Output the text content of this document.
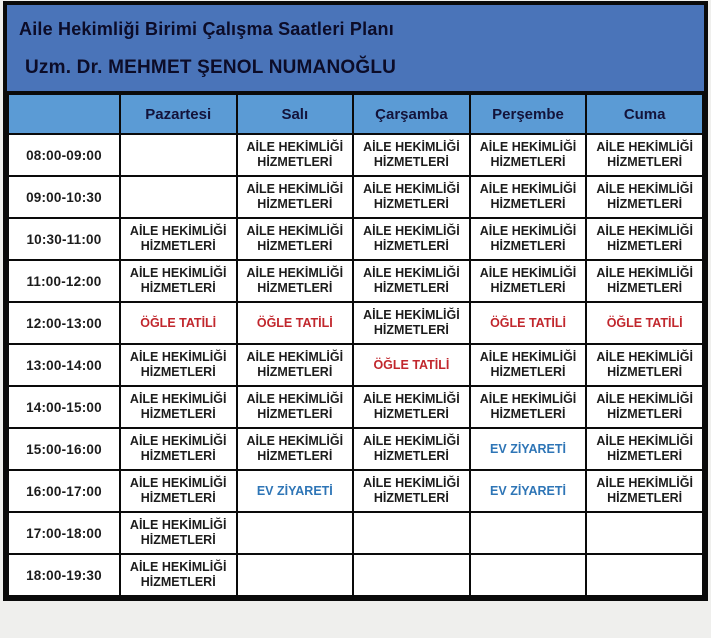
Aile Hekimliği Birimi Çalışma Saatleri Planı
Uzm. Dr. MEHMET ŞENOL NUMANOĞLU
	Pazartesi	Salı	Çarşamba	Perşembe	Cuma
08:00-09:00		AİLE HEKİMLİĞİ HİZMETLERİ	AİLE HEKİMLİĞİ HİZMETLERİ	AİLE HEKİMLİĞİ HİZMETLERİ	AİLE HEKİMLİĞİ HİZMETLERİ
09:00-10:30		AİLE HEKİMLİĞİ HİZMETLERİ	AİLE HEKİMLİĞİ HİZMETLERİ	AİLE HEKİMLİĞİ HİZMETLERİ	AİLE HEKİMLİĞİ HİZMETLERİ
10:30-11:00	AİLE HEKİMLİĞİ HİZMETLERİ	AİLE HEKİMLİĞİ HİZMETLERİ	AİLE HEKİMLİĞİ HİZMETLERİ	AİLE HEKİMLİĞİ HİZMETLERİ	AİLE HEKİMLİĞİ HİZMETLERİ
11:00-12:00	AİLE HEKİMLİĞİ HİZMETLERİ	AİLE HEKİMLİĞİ HİZMETLERİ	AİLE HEKİMLİĞİ HİZMETLERİ	AİLE HEKİMLİĞİ HİZMETLERİ	AİLE HEKİMLİĞİ HİZMETLERİ
12:00-13:00	ÖĞLE TATİLİ	ÖĞLE TATİLİ	AİLE HEKİMLİĞİ HİZMETLERİ	ÖĞLE TATİLİ	ÖĞLE TATİLİ
13:00-14:00	AİLE HEKİMLİĞİ HİZMETLERİ	AİLE HEKİMLİĞİ HİZMETLERİ	ÖĞLE TATİLİ	AİLE HEKİMLİĞİ HİZMETLERİ	AİLE HEKİMLİĞİ HİZMETLERİ
14:00-15:00	AİLE HEKİMLİĞİ HİZMETLERİ	AİLE HEKİMLİĞİ HİZMETLERİ	AİLE HEKİMLİĞİ HİZMETLERİ	AİLE HEKİMLİĞİ HİZMETLERİ	AİLE HEKİMLİĞİ HİZMETLERİ
15:00-16:00	AİLE HEKİMLİĞİ HİZMETLERİ	AİLE HEKİMLİĞİ HİZMETLERİ	AİLE HEKİMLİĞİ HİZMETLERİ	EV ZİYARETİ	AİLE HEKİMLİĞİ HİZMETLERİ
16:00-17:00	AİLE HEKİMLİĞİ HİZMETLERİ	EV ZİYARETİ	AİLE HEKİMLİĞİ HİZMETLERİ	EV ZİYARETİ	AİLE HEKİMLİĞİ HİZMETLERİ
17:00-18:00	AİLE HEKİMLİĞİ HİZMETLERİ				
18:00-19:30	AİLE HEKİMLİĞİ HİZMETLERİ				
